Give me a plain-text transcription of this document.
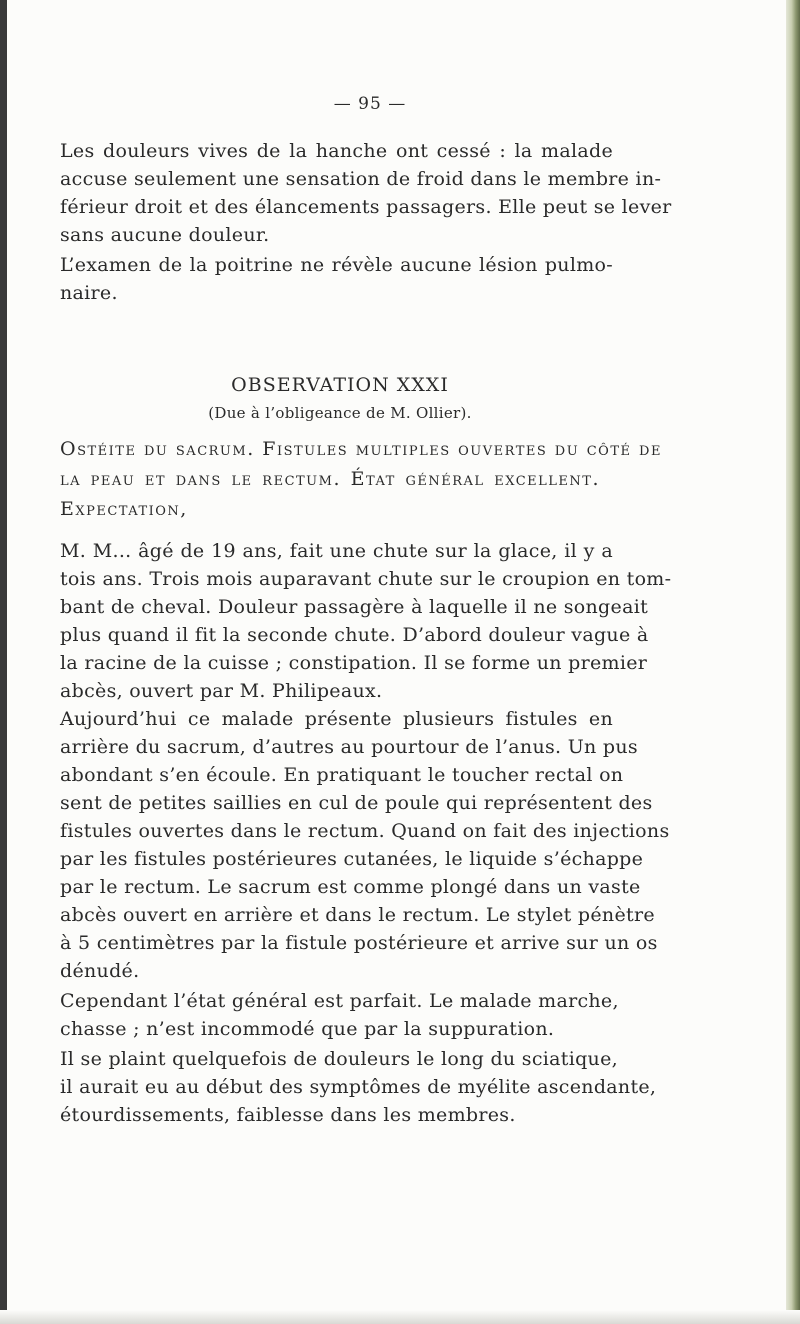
— 95 —
Les douleurs vives de la hanche ont cessé : la malade
accuse seulement une sensation de froid dans le membre in-
férieur droit et des élancements passagers. Elle peut se lever
sans aucune douleur.
L’examen de la poitrine ne révèle aucune lésion pulmo-
naire.
OBSERVATION XXXI
(Due à l’obligeance de M. Ollier).
Ostéite du sacrum. Fistules multiples ouvertes du côté de
la peau et dans le rectum. État général excellent.
Expectation,
M. M... âgé de 19 ans, fait une chute sur la glace, il y a
tois ans. Trois mois auparavant chute sur le croupion en tom-
bant de cheval. Douleur passagère à laquelle il ne songeait
plus quand il fit la seconde chute. D’abord douleur vague à
la racine de la cuisse ; constipation. Il se forme un premier
abcès, ouvert par M. Philipeaux.
Aujourd’hui ce malade présente plusieurs fistules en
arrière du sacrum, d’autres au pourtour de l’anus. Un pus
abondant s’en écoule. En pratiquant le toucher rectal on
sent de petites saillies en cul de poule qui représentent des
fistules ouvertes dans le rectum. Quand on fait des injections
par les fistules postérieures cutanées, le liquide s’échappe
par le rectum. Le sacrum est comme plongé dans un vaste
abcès ouvert en arrière et dans le rectum. Le stylet pénètre
à 5 centimètres par la fistule postérieure et arrive sur un os
dénudé.
Cependant l’état général est parfait. Le malade marche,
chasse ; n’est incommodé que par la suppuration.
Il se plaint quelquefois de douleurs le long du sciatique,
il aurait eu au début des symptômes de myélite ascendante,
étourdissements, faiblesse dans les membres.
